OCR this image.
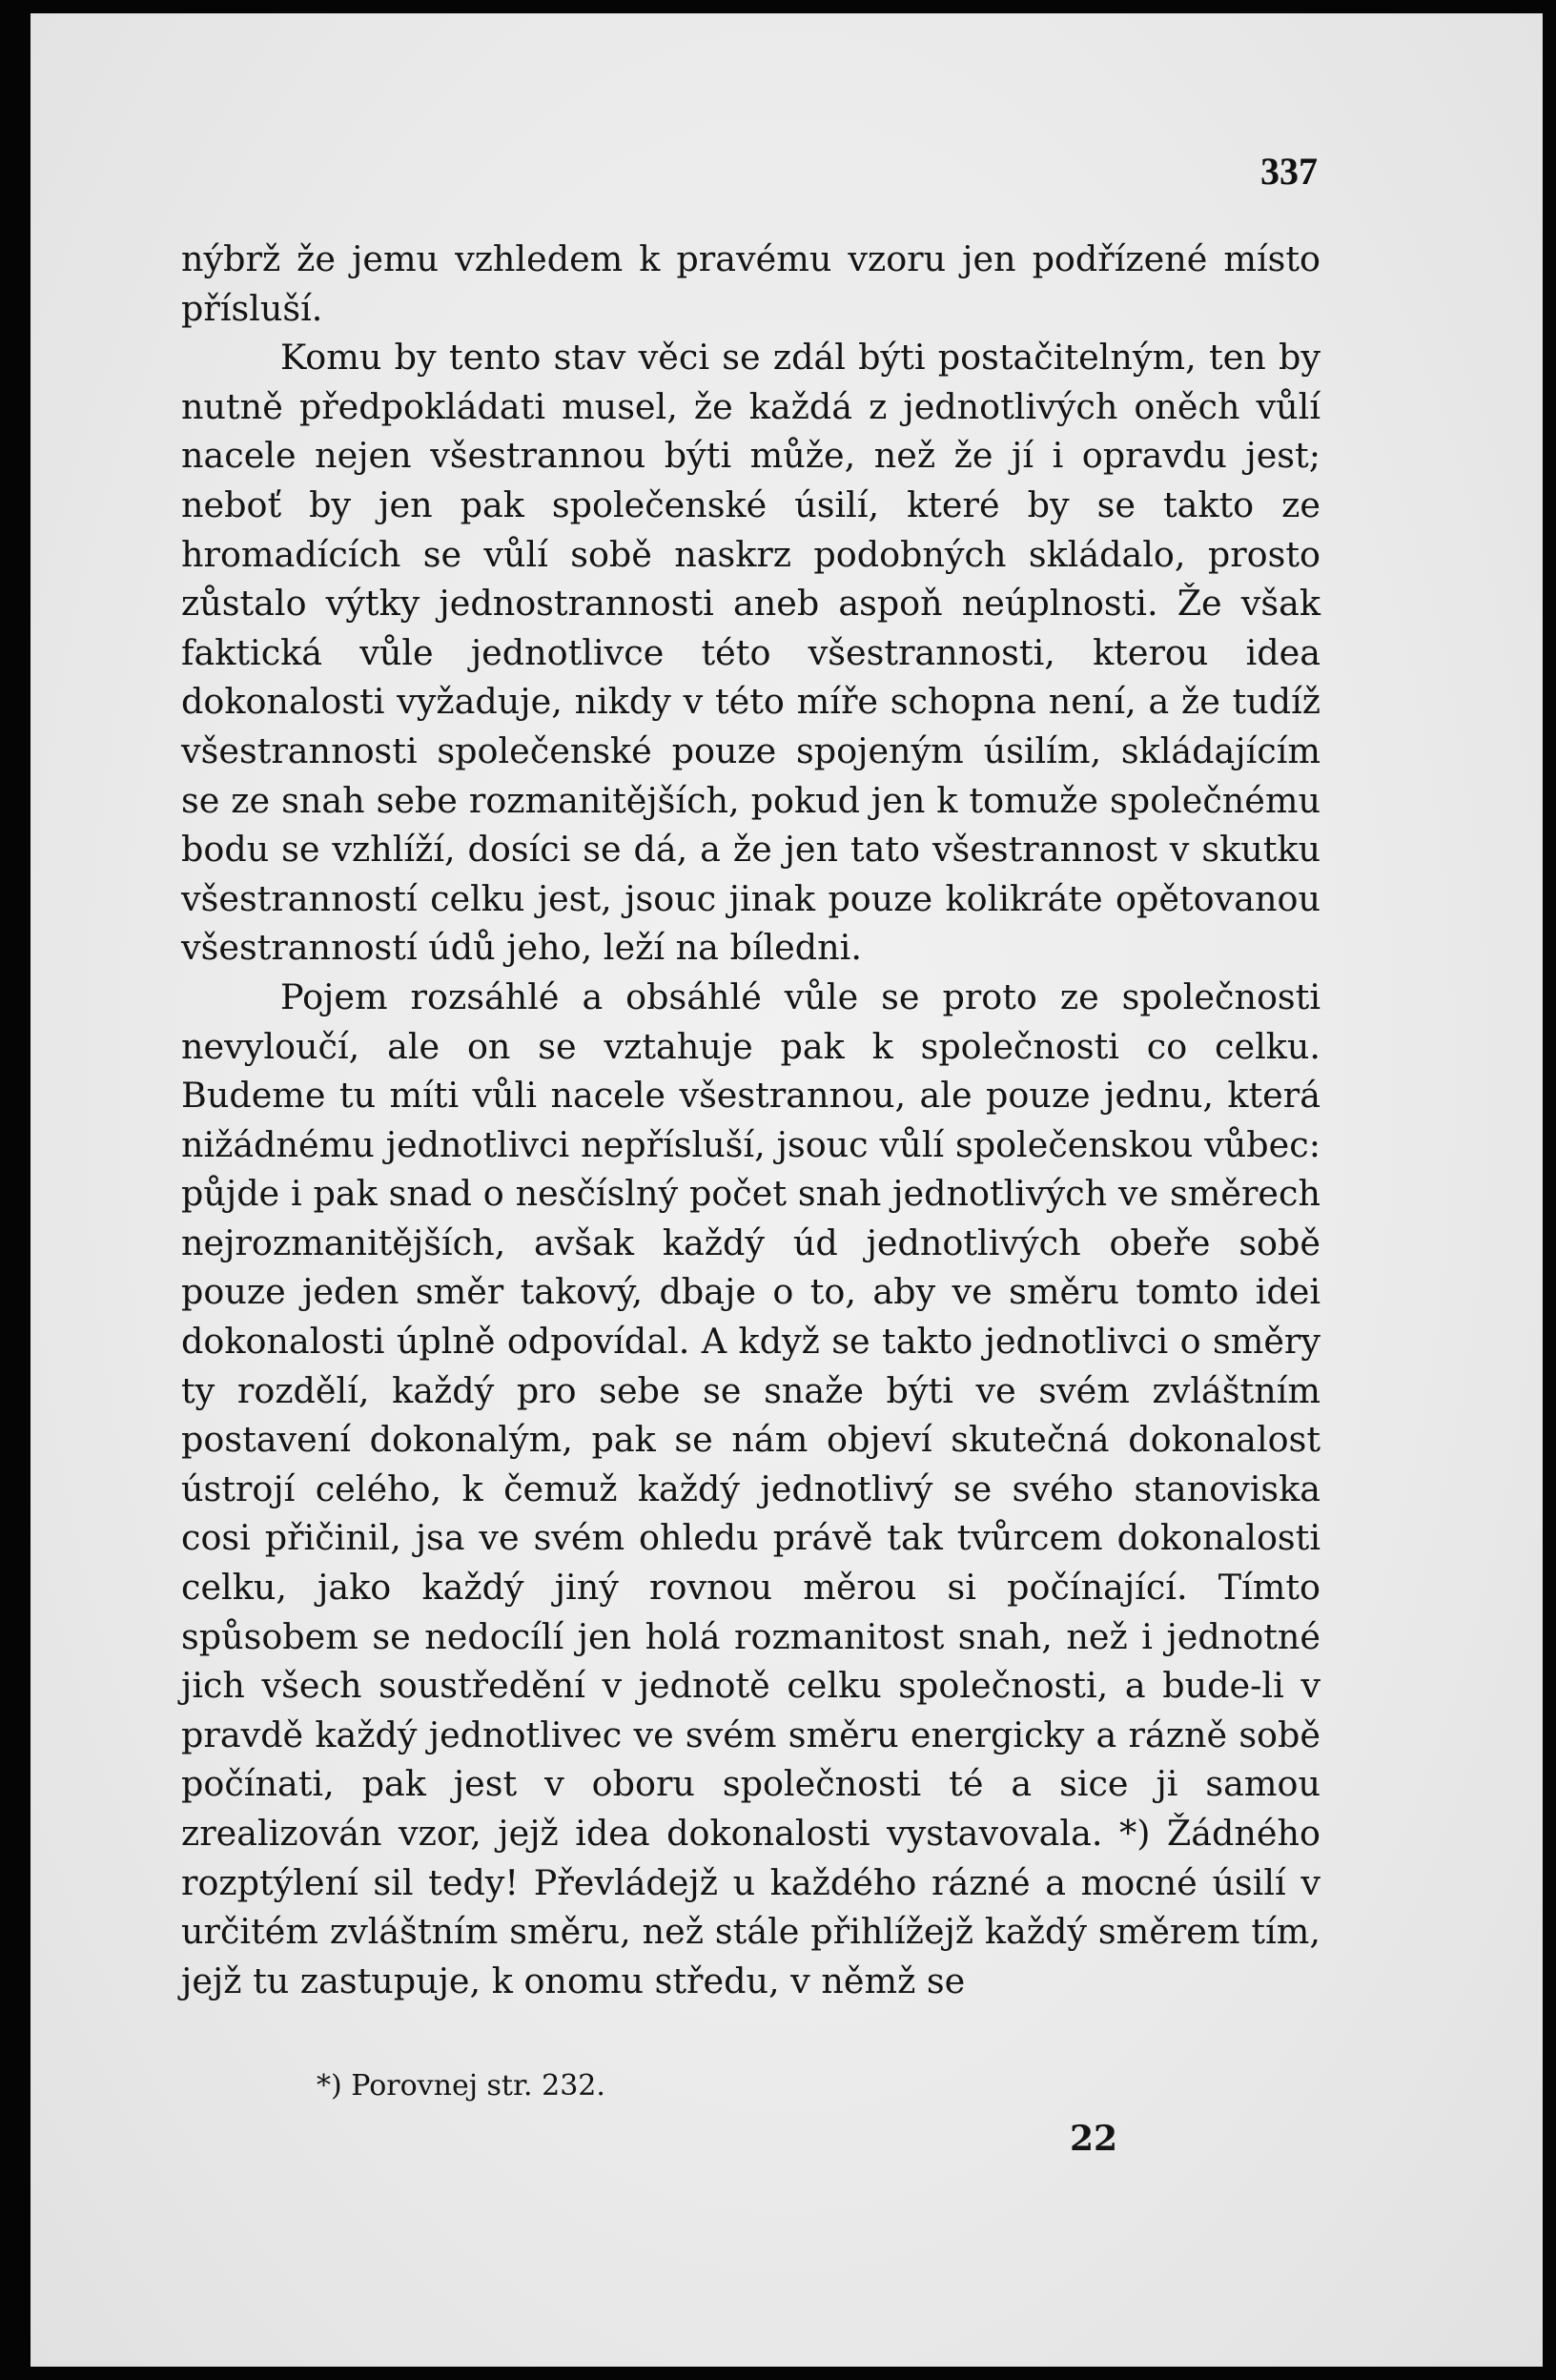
337

nýbrž že jemu vzhledem k pravému vzoru jen podřízené místo přísluší.

Komu by tento stav věci se zdál býti postačitelným, ten by nutně předpokládati musel, že každá z jednotlivých oněch vůlí nacele nejen všestrannou býti může, než že jí i opravdu jest; neboť by jen pak společenské úsilí, které by se takto ze hromadících se vůlí sobě naskrz podobných skládalo, prosto zůstalo výtky jednostrannosti aneb aspoň neúplnosti. Že však faktická vůle jednotlivce této všestrannosti, kterou idea dokonalosti vyžaduje, nikdy v této míře schopna není, a že tudíž všestrannosti společenské pouze spojeným úsilím, skládajícím se ze snah sebe rozmanitějších, pokud jen k tomuže společnému bodu se vzhlíží, dosíci se dá, a že jen tato všestrannost v skutku všestranností celku jest, jsouc jinak pouze kolikráte opětovanou všestranností údů jeho, leží na bíledni.

Pojem rozsáhlé a obsáhlé vůle se proto ze společnosti nevyloučí, ale on se vztahuje pak k společnosti co celku. Budeme tu míti vůli nacele všestrannou, ale pouze jednu, která nižádnému jednotlivci nepřísluší, jsouc vůlí společenskou vůbec: půjde i pak snad o nesčíslný počet snah jednotlivých ve směrech nejrozmanitějších, avšak každý úd jednotlivých obeře sobě pouze jeden směr takový, dbaje o to, aby ve směru tomto idei dokonalosti úplně odpovídal. A když se takto jednotlivci o směry ty rozdělí, každý pro sebe se snaže býti ve svém zvláštním postavení dokonalým, pak se nám objeví skutečná dokonalost ústrojí celého, k čemuž každý jednotlivý se svého stanoviska cosi přičinil, jsa ve svém ohledu právě tak tvůrcem dokonalosti celku, jako každý jiný rovnou měrou si počínající. Tímto spůsobem se nedocílí jen holá rozmanitost snah, než i jednotné jich všech soustředění v jednotě celku společnosti, a bude-li v pravdě každý jednotlivec ve svém směru energicky a rázně sobě počínati, pak jest v oboru společnosti té a sice ji samou zrealizován vzor, jejž idea dokonalosti vystavovala. *) Žádného rozptýlení sil tedy! Převládejž u každého rázné a mocné úsilí v určitém zvláštním směru, než stále přihlížejž každý směrem tím, jejž tu zastupuje, k onomu středu, v němž se

*) Porovnej str. 232.
22
